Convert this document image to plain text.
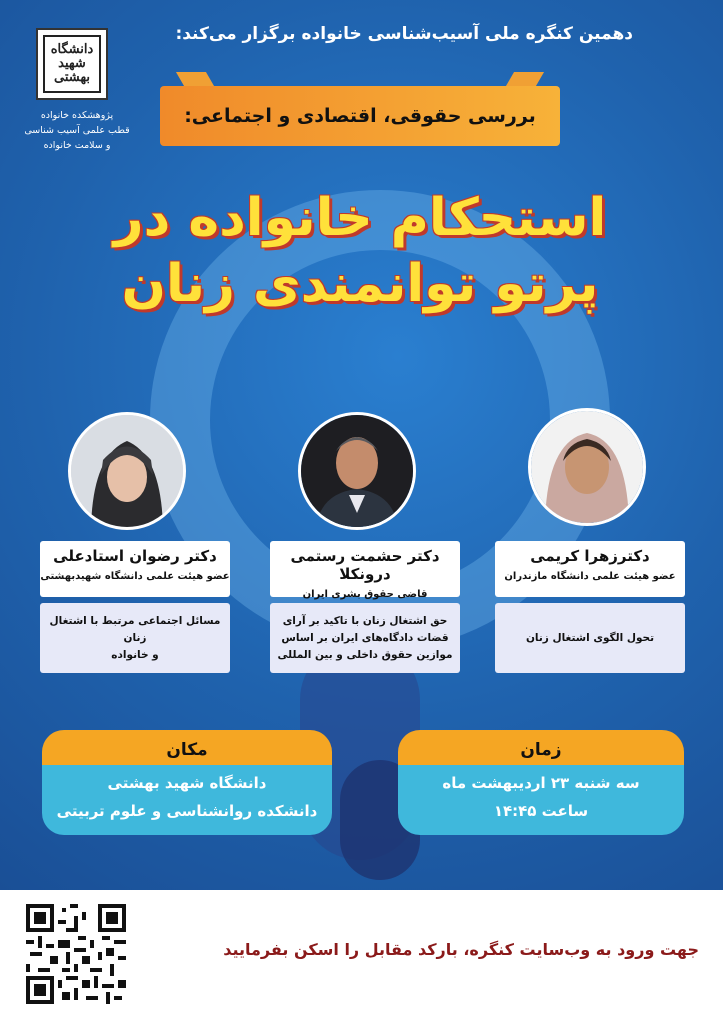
دهمین کنگره ملی آسیب‌شناسی خانواده برگزار می‌کند:
دانشگاه شهید بهشتی
پژوهشکده خانواده
قطب علمی آسیب شناسی
و سلامت خانواده
بررسی حقوقی، اقتصادی و اجتماعی:
استحکام خانواده در
پرتو توانمندی زنان
دکتر رضوان استادعلی
عضو هیئت علمی دانشگاه شهیدبهشتی
دکتر حشمت رستمی درونکلا
قاضی حقوق بشری ایران
دکترزهرا کریمی
عضو هیئت علمی دانشگاه مازندران
مسائل اجتماعی مرتبط با اشتغال زنان
و خانواده
حق اشتغال زنان با تاکید بر آرای
قضات دادگاه‌های ایران بر اساس
موازین حقوق داخلی و بین المللی
تحول الگوی اشتغال زنان
مکان
دانشگاه شهید بهشتی
دانشکده روانشناسی و علوم تربیتی
زمان
سه شنبه ۲۳ اردیبهشت ماه
ساعت ۱۴:۴۵
جهت ورود به وب‌سایت کنگره، بارکد مقابل را اسکن بفرمایید
